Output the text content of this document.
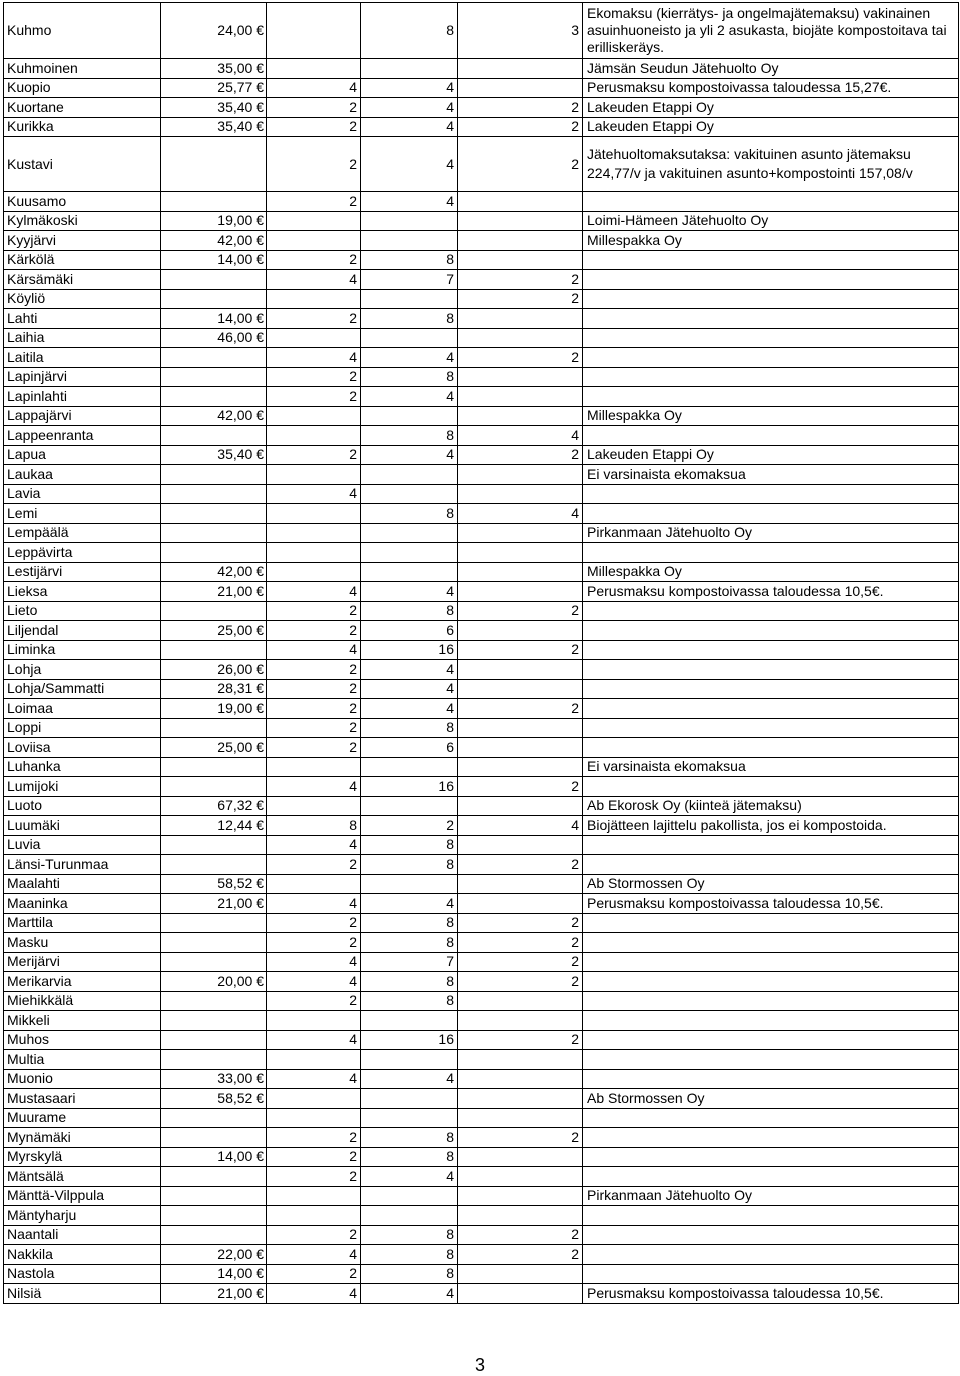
Kuhmo	24,00 €		8	3	Ekomaksu (kierrätys- ja ongelmajätemaksu) vakinainen asuinhuoneisto ja yli 2 asukasta, biojäte kompostoitava tai erilliskeräys.
Kuhmoinen	35,00 €				Jämsän Seudun Jätehuolto Oy
Kuopio	25,77 €	4	4		Perusmaksu kompostoivassa taloudessa 15,27€.
Kuortane	35,40 €	2	4	2	Lakeuden Etappi Oy
Kurikka	35,40 €	2	4	2	Lakeuden Etappi Oy
Kustavi		2	4	2	Jätehuoltomaksutaksa: vakituinen asunto jätemaksu 224,77/v ja vakituinen asunto+kompostointi 157,08/v
Kuusamo		2	4		
Kylmäkoski	19,00 €				Loimi-Hämeen Jätehuolto Oy
Kyyjärvi	42,00 €				Millespakka Oy
Kärkölä	14,00 €	2	8		
Kärsämäki		4	7	2	
Köyliö				2	
Lahti	14,00 €	2	8		
Laihia	46,00 €				
Laitila		4	4	2	
Lapinjärvi		2	8		
Lapinlahti		2	4		
Lappajärvi	42,00 €				Millespakka Oy
Lappeenranta			8	4	
Lapua	35,40 €	2	4	2	Lakeuden Etappi Oy
Laukaa					Ei varsinaista ekomaksua
Lavia		4			
Lemi			8	4	
Lempäälä					Pirkanmaan Jätehuolto Oy
Leppävirta					
Lestijärvi	42,00 €				Millespakka Oy
Lieksa	21,00 €	4	4		Perusmaksu kompostoivassa taloudessa 10,5€.
Lieto		2	8	2	
Liljendal	25,00 €	2	6		
Liminka		4	16	2	
Lohja	26,00 €	2	4		
Lohja/Sammatti	28,31 €	2	4		
Loimaa	19,00 €	2	4	2	
Loppi		2	8		
Loviisa	25,00 €	2	6		
Luhanka					Ei varsinaista ekomaksua
Lumijoki		4	16	2	
Luoto	67,32 €				Ab Ekorosk Oy (kiinteä jätemaksu)
Luumäki	12,44 €	8	2	4	Biojätteen lajittelu pakollista, jos ei kompostoida.
Luvia		4	8		
Länsi-Turunmaa		2	8	2	
Maalahti	58,52 €				Ab Stormossen Oy
Maaninka	21,00 €	4	4		Perusmaksu kompostoivassa taloudessa 10,5€.
Marttila		2	8	2	
Masku		2	8	2	
Merijärvi		4	7	2	
Merikarvia	20,00 €	4	8	2	
Miehikkälä		2	8		
Mikkeli					
Muhos		4	16	2	
Multia					
Muonio	33,00 €	4	4		
Mustasaari	58,52 €				Ab Stormossen Oy
Muurame					
Mynämäki		2	8	2	
Myrskylä	14,00 €	2	8		
Mäntsälä		2	4		
Mänttä-Vilppula					Pirkanmaan Jätehuolto Oy
Mäntyharju					
Naantali		2	8	2	
Nakkila	22,00 €	4	8	2	
Nastola	14,00 €	2	8		
Nilsiä	21,00 €	4	4		Perusmaksu kompostoivassa taloudessa 10,5€.
3
